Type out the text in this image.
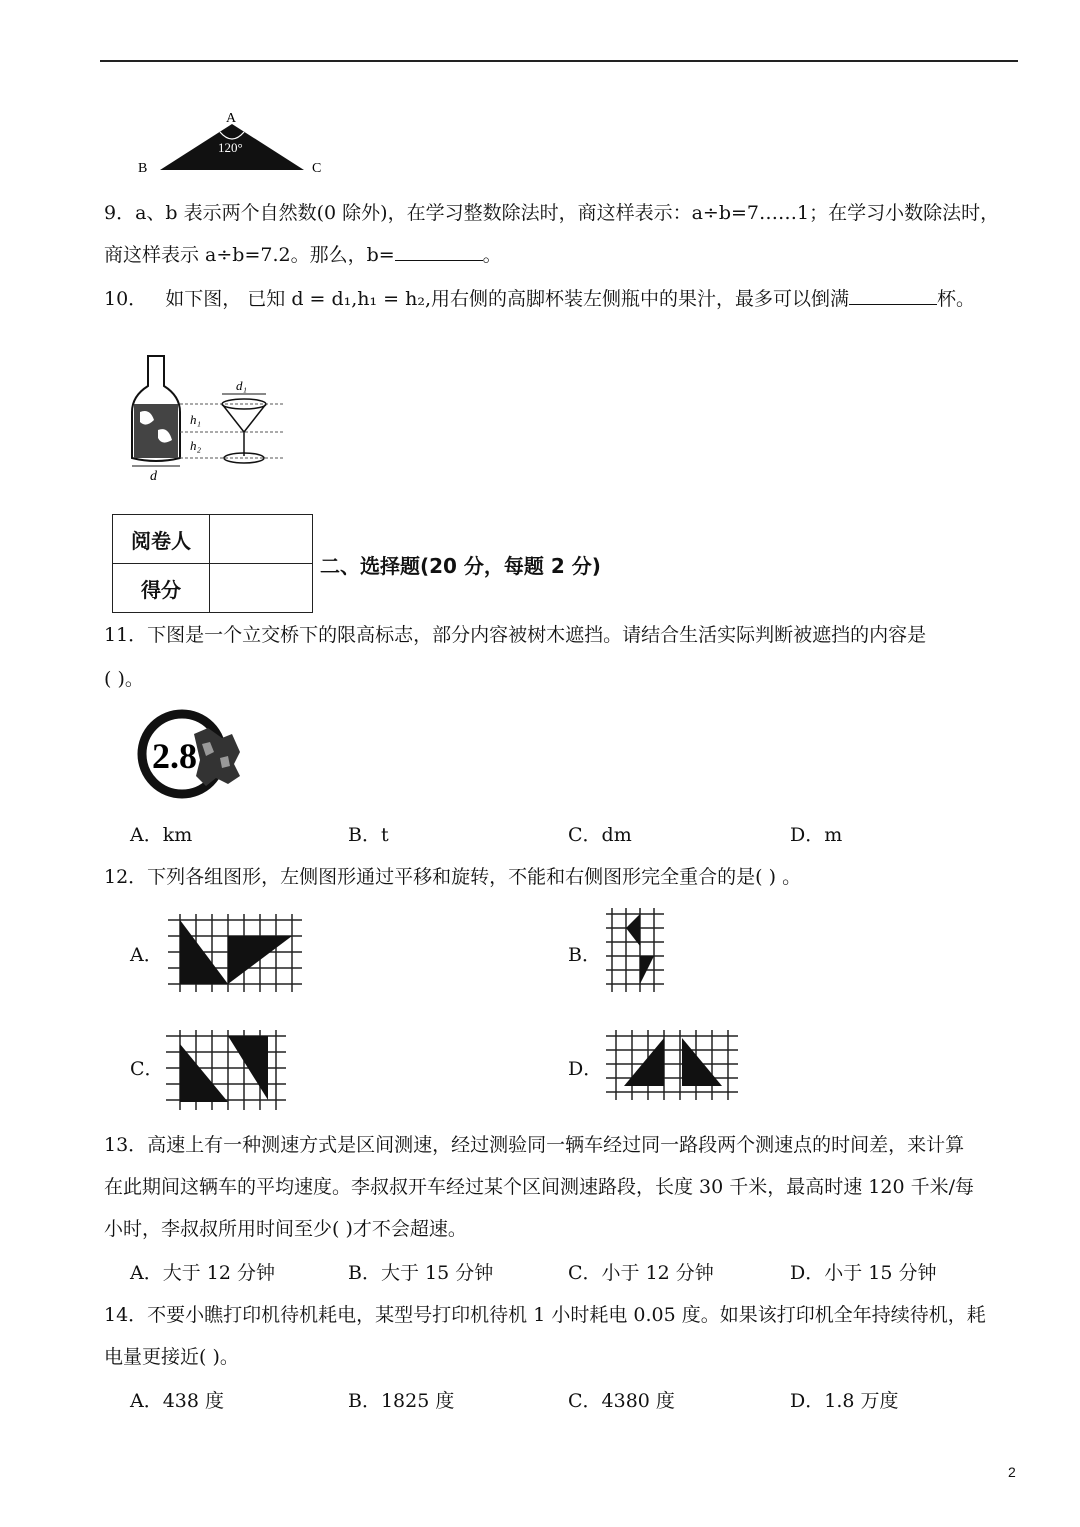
A
B	C
120°
9．a、b 表示两个自然数(0 除外)，在学习整数除法时，商这样表示：a÷b=7……1；在学习小数除法时，
商这样表示 a÷b=7.2。那么，b=	。
10． 如下图， 已知 d = d₁,h₁ = h₂,用右侧的高脚杯装左侧瓶中的果汁，最多可以倒满	杯。
d
d₁
h₁
h₂
阅卷人	
得分	
二、选择题(20 分，每题 2 分)
11．下图是一个立交桥下的限高标志，部分内容被树木遮挡。请结合生活实际判断被遮挡的内容是
( )。
2.8
A．km	B．t	C．dm	D．m
12．下列各组图形，左侧图形通过平移和旋转，不能和右侧图形完全重合的是( ) 。
A．	B．
C．	D．
13．高速上有一种测速方式是区间测速，经过测验同一辆车经过同一路段两个测速点的时间差，来计算
在此期间这辆车的平均速度。李叔叔开车经过某个区间测速路段，长度 30 千米，最高时速 120 千米/每
小时，李叔叔所用时间至少( )才不会超速。
A．大于 12 分钟	B．大于 15 分钟	C．小于 12 分钟	D．小于 15 分钟
14．不要小瞧打印机待机耗电，某型号打印机待机 1 小时耗电 0.05 度。如果该打印机全年持续待机，耗
电量更接近( )。
A．438 度	B．1825 度	C．4380 度	D．1.8 万度
2
